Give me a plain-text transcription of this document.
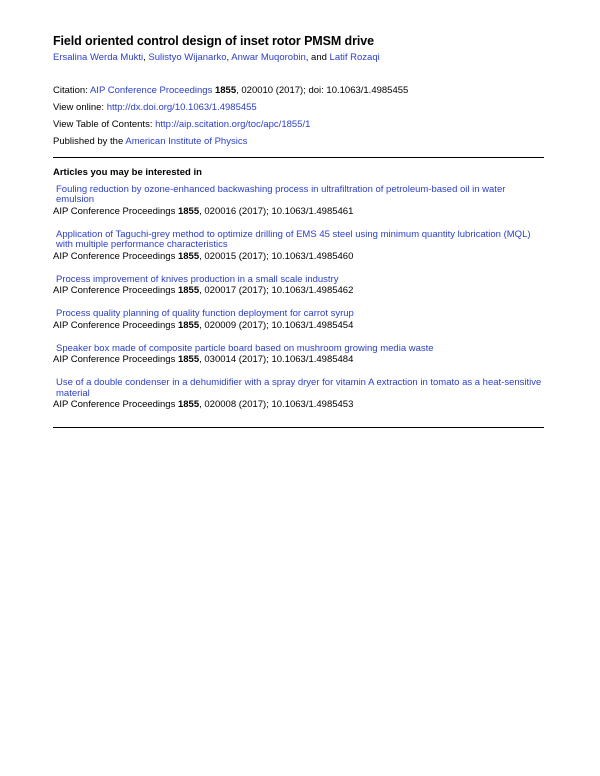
Field oriented control design of inset rotor PMSM drive
Ersalina Werda Mukti, Sulistyo Wijanarko, Anwar Muqorobin, and Latif Rozaqi
Citation: AIP Conference Proceedings 1855, 020010 (2017); doi: 10.1063/1.4985455
View online: http://dx.doi.org/10.1063/1.4985455
View Table of Contents: http://aip.scitation.org/toc/apc/1855/1
Published by the American Institute of Physics
Articles you may be interested in
Fouling reduction by ozone-enhanced backwashing process in ultrafiltration of petroleum-based oil in water emulsion
AIP Conference Proceedings 1855, 020016 (2017); 10.1063/1.4985461
Application of Taguchi-grey method to optimize drilling of EMS 45 steel using minimum quantity lubrication (MQL) with multiple performance characteristics
AIP Conference Proceedings 1855, 020015 (2017); 10.1063/1.4985460
Process improvement of knives production in a small scale industry
AIP Conference Proceedings 1855, 020017 (2017); 10.1063/1.4985462
Process quality planning of quality function deployment for carrot syrup
AIP Conference Proceedings 1855, 020009 (2017); 10.1063/1.4985454
Speaker box made of composite particle board based on mushroom growing media waste
AIP Conference Proceedings 1855, 030014 (2017); 10.1063/1.4985484
Use of a double condenser in a dehumidifier with a spray dryer for vitamin A extraction in tomato as a heat-sensitive material
AIP Conference Proceedings 1855, 020008 (2017); 10.1063/1.4985453
